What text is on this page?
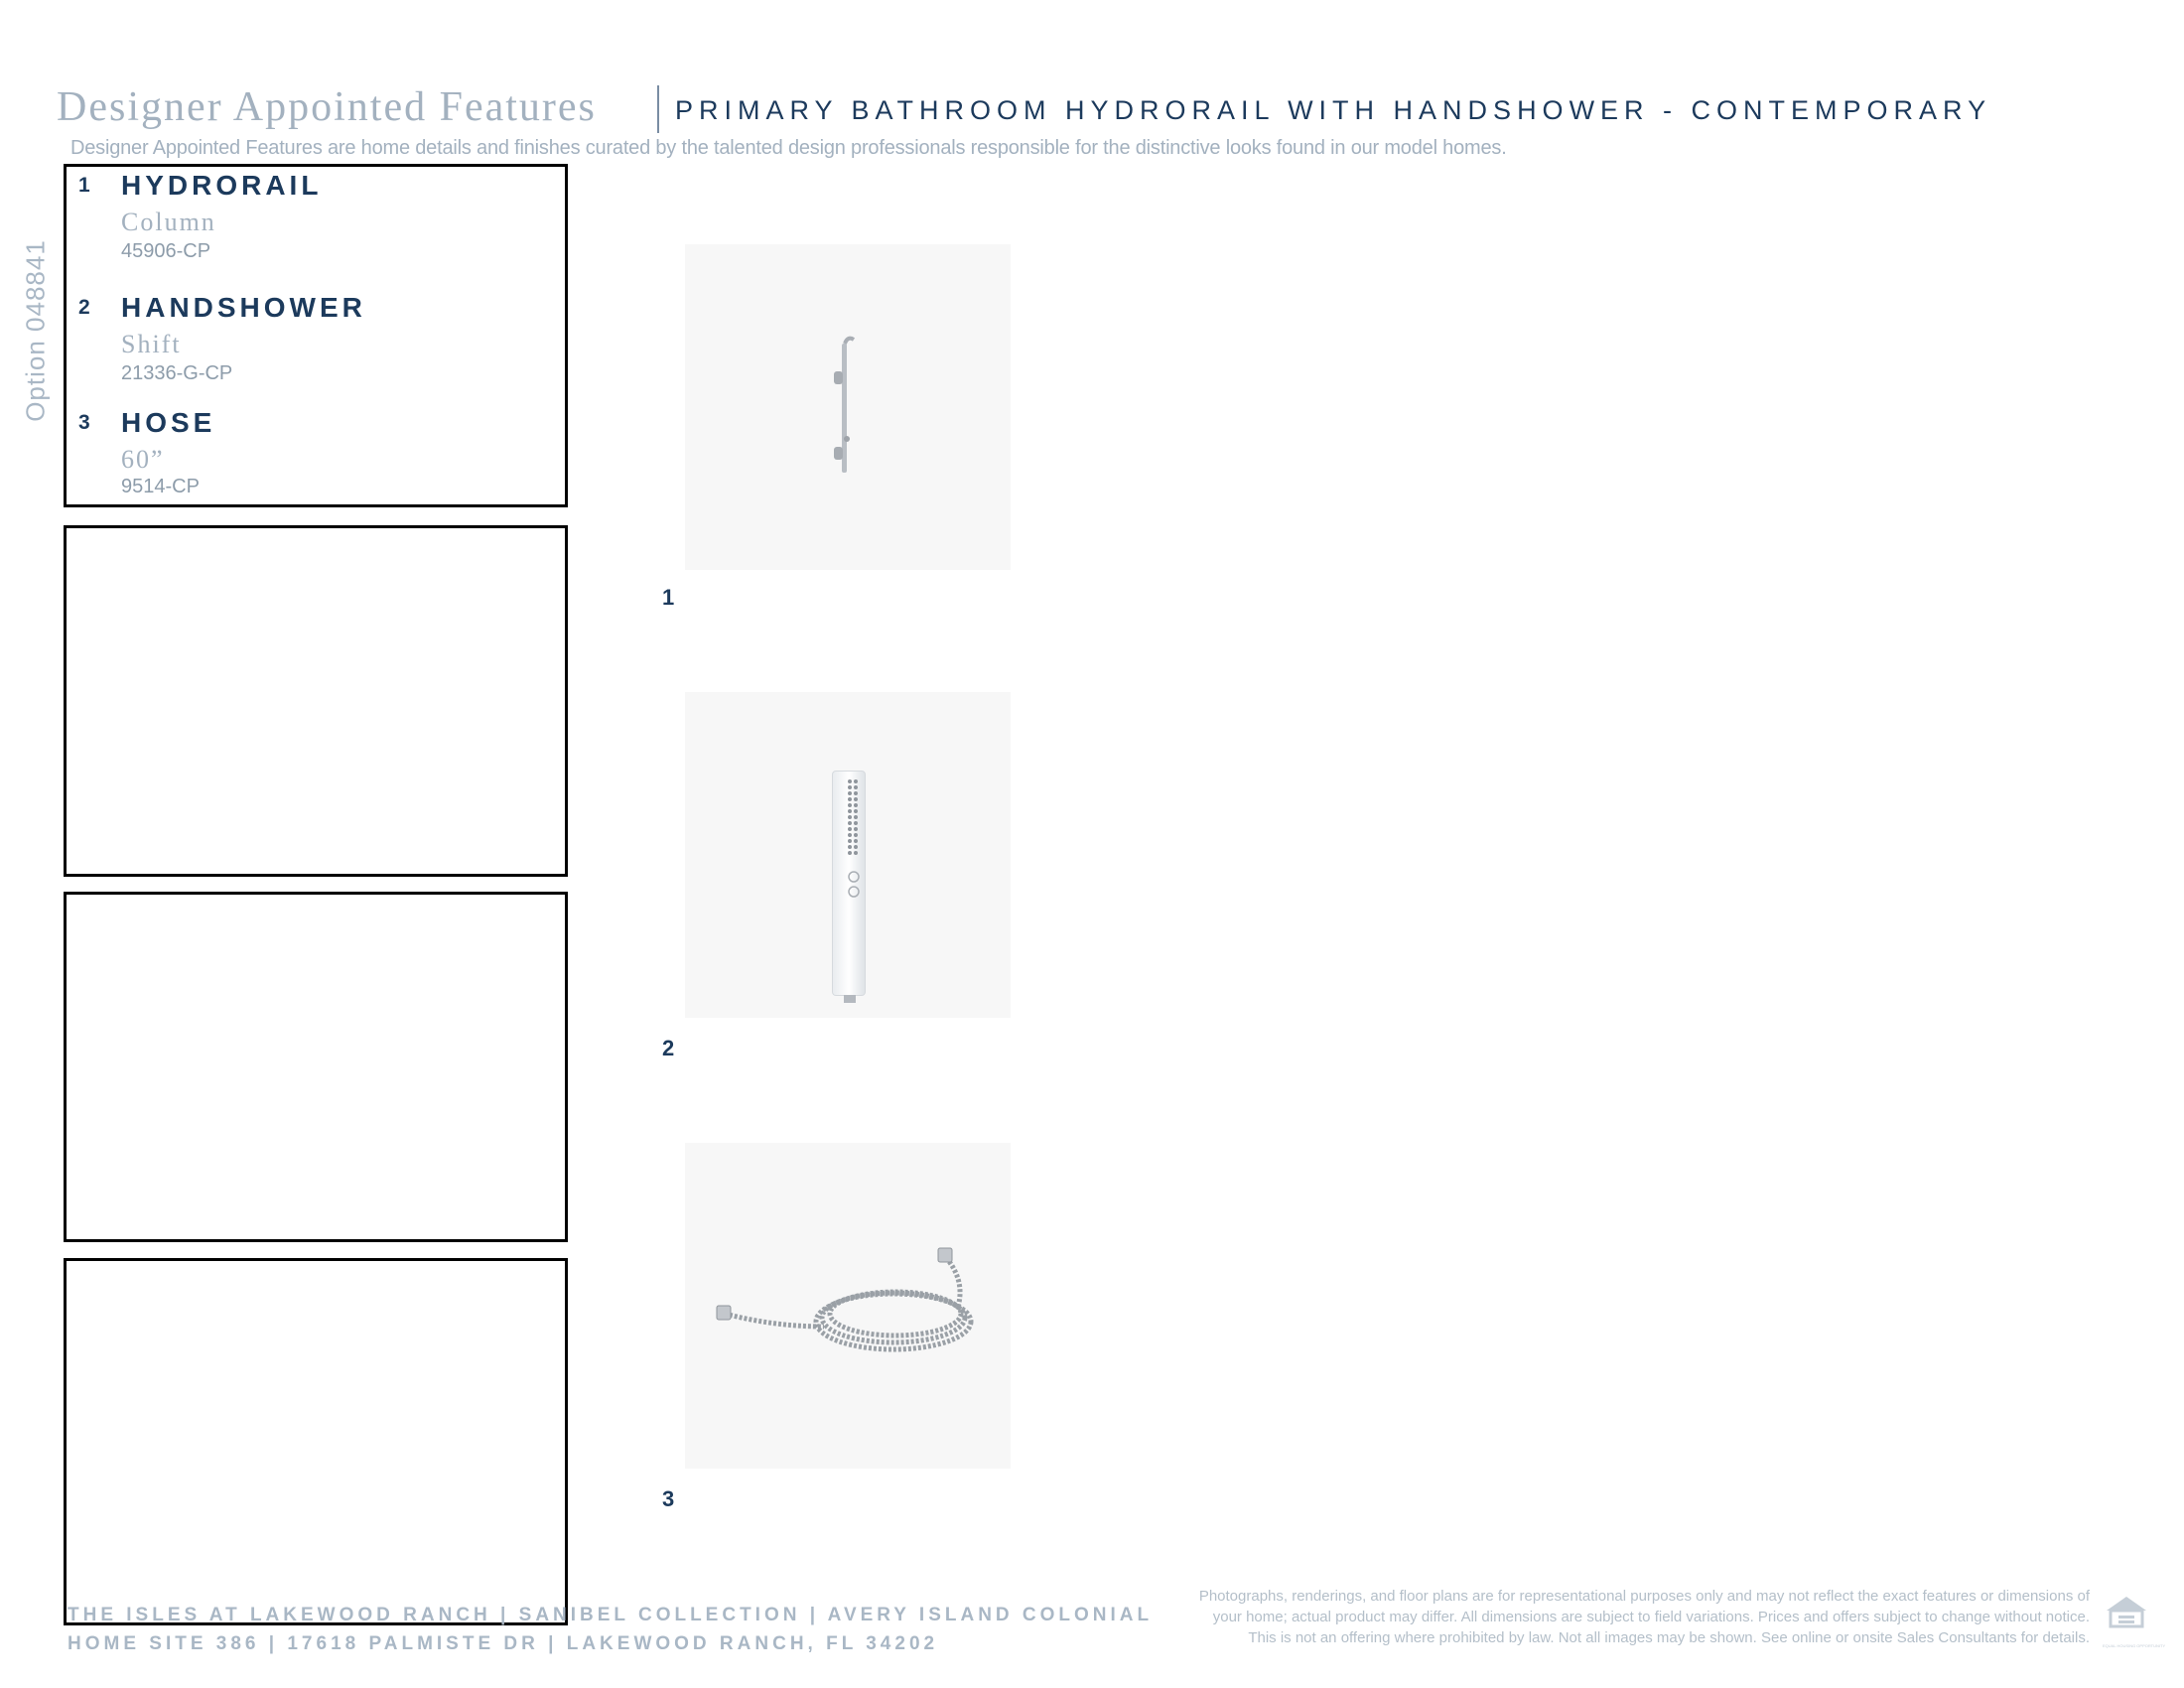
Designer Appointed Features	PRIMARY BATHROOM HYDRORAIL WITH HANDSHOWER - CONTEMPORARY
Designer Appointed Features are home details and finishes curated by the talented design professionals responsible for the distinctive looks found in our model homes.
Option 048841
1 HYDRORAIL
Column
45906-CP
2 HANDSHOWER
Shift
21336-G-CP
3 HOSE
60”
9514-CP
1
2
3
THE ISLES AT LAKEWOOD RANCH | SANIBEL COLLECTION | AVERY ISLAND COLONIAL
HOME SITE 386 | 17618 PALMISTE DR | LAKEWOOD RANCH, FL 34202
Photographs, renderings, and floor plans are for representational purposes only and may not reflect the exact features or dimensions of
your home; actual product may differ. All dimensions are subject to field variations. Prices and offers subject to change without notice.
This is not an offering where prohibited by law. Not all images may be shown. See online or onsite Sales Consultants for details.	EQUAL HOUSING OPPORTUNITY
